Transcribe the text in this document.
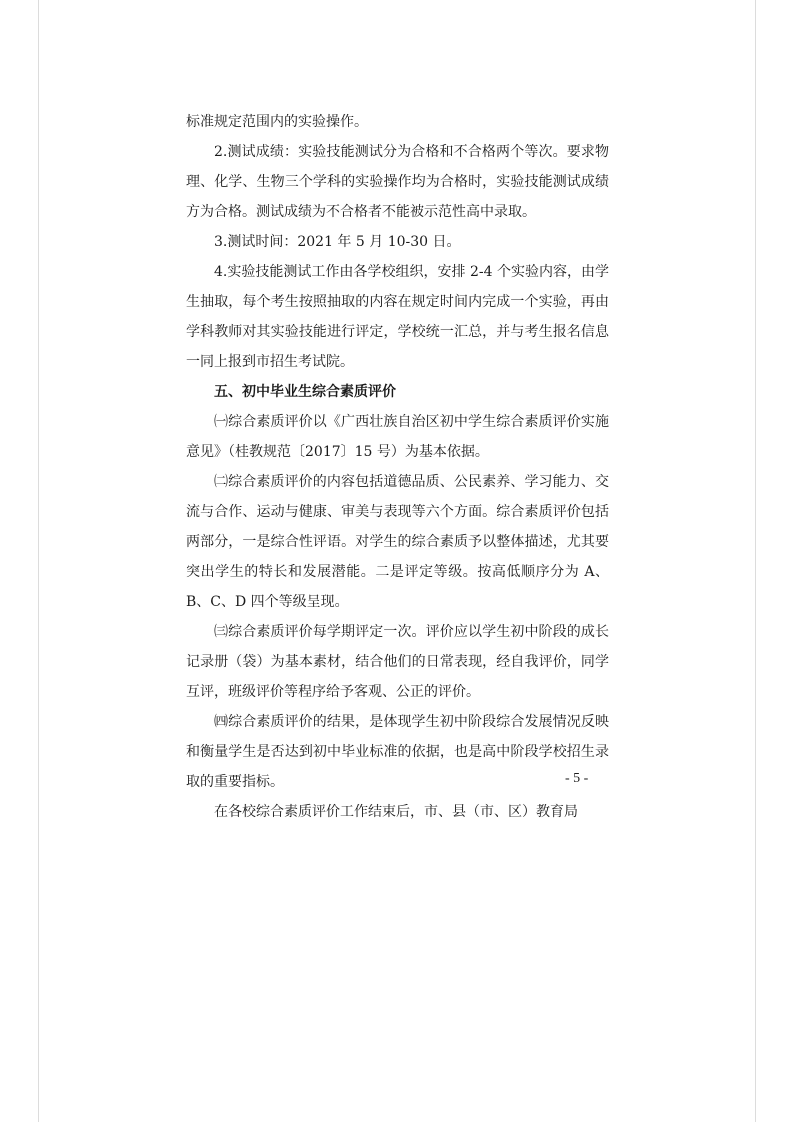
标准规定范围内的实验操作。

2.测试成绩：实验技能测试分为合格和不合格两个等次。要求物理、化学、生物三个学科的实验操作均为合格时，实验技能测试成绩方为合格。测试成绩为不合格者不能被示范性高中录取。

3.测试时间：2021 年 5 月 10-30 日。

4.实验技能测试工作由各学校组织，安排 2-4 个实验内容，由学生抽取，每个考生按照抽取的内容在规定时间内完成一个实验，再由学科教师对其实验技能进行评定，学校统一汇总，并与考生报名信息一同上报到市招生考试院。

五、初中毕业生综合素质评价

㈠综合素质评价以《广西壮族自治区初中学生综合素质评价实施意见》（桂教规范〔2017〕15 号）为基本依据。

㈡综合素质评价的内容包括道德品质、公民素养、学习能力、交流与合作、运动与健康、审美与表现等六个方面。综合素质评价包括两部分，一是综合性评语。对学生的综合素质予以整体描述，尤其要突出学生的特长和发展潜能。二是评定等级。按高低顺序分为 A、B、C、D 四个等级呈现。

㈢综合素质评价每学期评定一次。评价应以学生初中阶段的成长记录册（袋）为基本素材，结合他们的日常表现，经自我评价，同学互评，班级评价等程序给予客观、公正的评价。

㈣综合素质评价的结果，是体现学生初中阶段综合发展情况反映和衡量学生是否达到初中毕业标准的依据，也是高中阶段学校招生录取的重要指标。

在各校综合素质评价工作结束后，市、县（市、区）教育局

- 5 -
